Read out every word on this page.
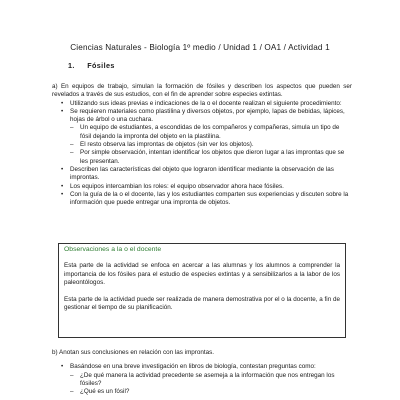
Ciencias Naturales - Biología 1º medio / Unidad 1 / OA1 / Actividad 1
1. Fósiles
a) En equipos de trabajo, simulan la formación de fósiles y describen los aspectos que pueden ser revelados a través de sus estudios, con el fin de aprender sobre especies extintas.
• Utilizando sus ideas previas e indicaciones de la o el docente realizan el siguiente procedimiento:
• Se requieren materiales como plastilina y diversos objetos, por ejemplo, lapas de bebidas, lápices, hojas de árbol o una cuchara.
– Un equipo de estudiantes, a escondidas de los compañeros y compañeras, simula un tipo de fósil dejando la impronta del objeto en la plastilina.
– El resto observa las improntas de objetos (sin ver los objetos).
– Por simple observación, intentan identificar los objetos que dieron lugar a las improntas que se les presentan.
• Describen las características del objeto que lograron identificar mediante la observación de las improntas.
• Los equipos intercambian los roles: el equipo observador ahora hace fósiles.
• Con la guía de la o el docente, las y los estudiantes comparten sus experiencias y discuten sobre la información que puede entregar una impronta de objetos.
Observaciones a la o el docente

Esta parte de la actividad se enfoca en acercar a las alumnas y los alumnos a comprender la importancia de los fósiles para el estudio de especies extintas y a sensibilizarlos a la labor de los paleontólogos.

Esta parte de la actividad puede ser realizada de manera demostrativa por el o la docente, a fin de gestionar el tiempo de su planificación.

b) Anotan sus conclusiones en relación con las improntas.
• Basándose en una breve investigación en libros de biología, contestan preguntas como:
– ¿De qué manera la actividad precedente se asemeja a la información que nos entregan los fósiles?
– ¿Qué es un fósil?
